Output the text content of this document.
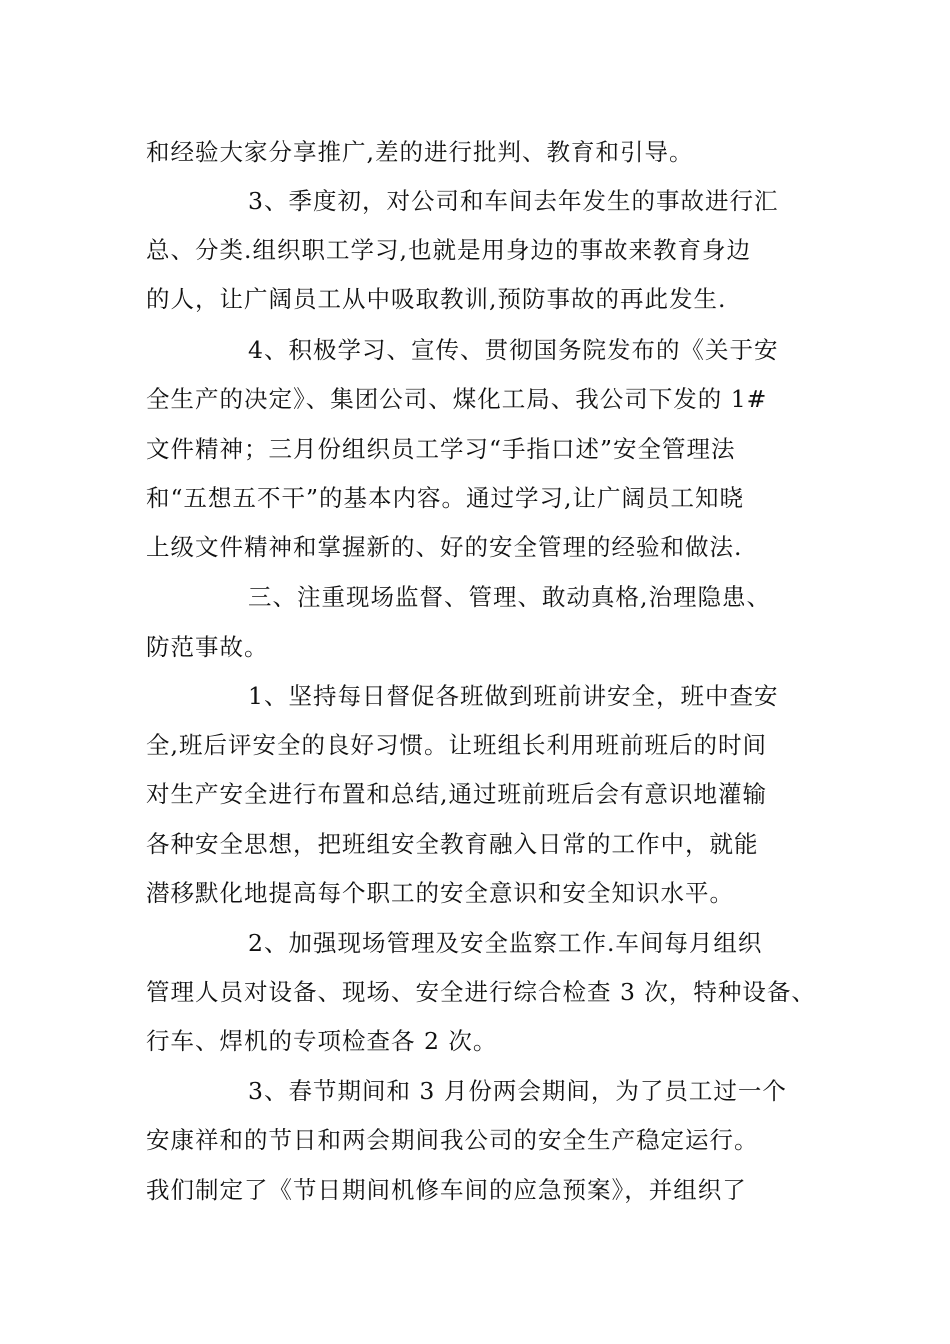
和经验大家分享推广,差的进行批判、教育和引导。
3、季度初，对公司和车间去年发生的事故进行汇
总、分类.组织职工学习,也就是用身边的事故来教育身边
的人，让广阔员工从中吸取教训,预防事故的再此发生.
4、积极学习、宣传、贯彻国务院发布的《关于安
全生产的决定》、集团公司、煤化工局、我公司下发的 1#
文件精神；三月份组织员工学习“手指口述”安全管理法
和“五想五不干”的基本内容。通过学习,让广阔员工知晓
上级文件精神和掌握新的、好的安全管理的经验和做法.
三、注重现场监督、管理、敢动真格,治理隐患、
防范事故。
1、坚持每日督促各班做到班前讲安全，班中查安
全,班后评安全的良好习惯。让班组长利用班前班后的时间
对生产安全进行布置和总结,通过班前班后会有意识地灌输
各种安全思想，把班组安全教育融入日常的工作中，就能
潜移默化地提高每个职工的安全意识和安全知识水平。
2、加强现场管理及安全监察工作.车间每月组织
管理人员对设备、现场、安全进行综合检查 3 次，特种设备、
行车、焊机的专项检查各 2 次。
3、春节期间和 3 月份两会期间，为了员工过一个
安康祥和的节日和两会期间我公司的安全生产稳定运行。
我们制定了《节日期间机修车间的应急预案》，并组织了
